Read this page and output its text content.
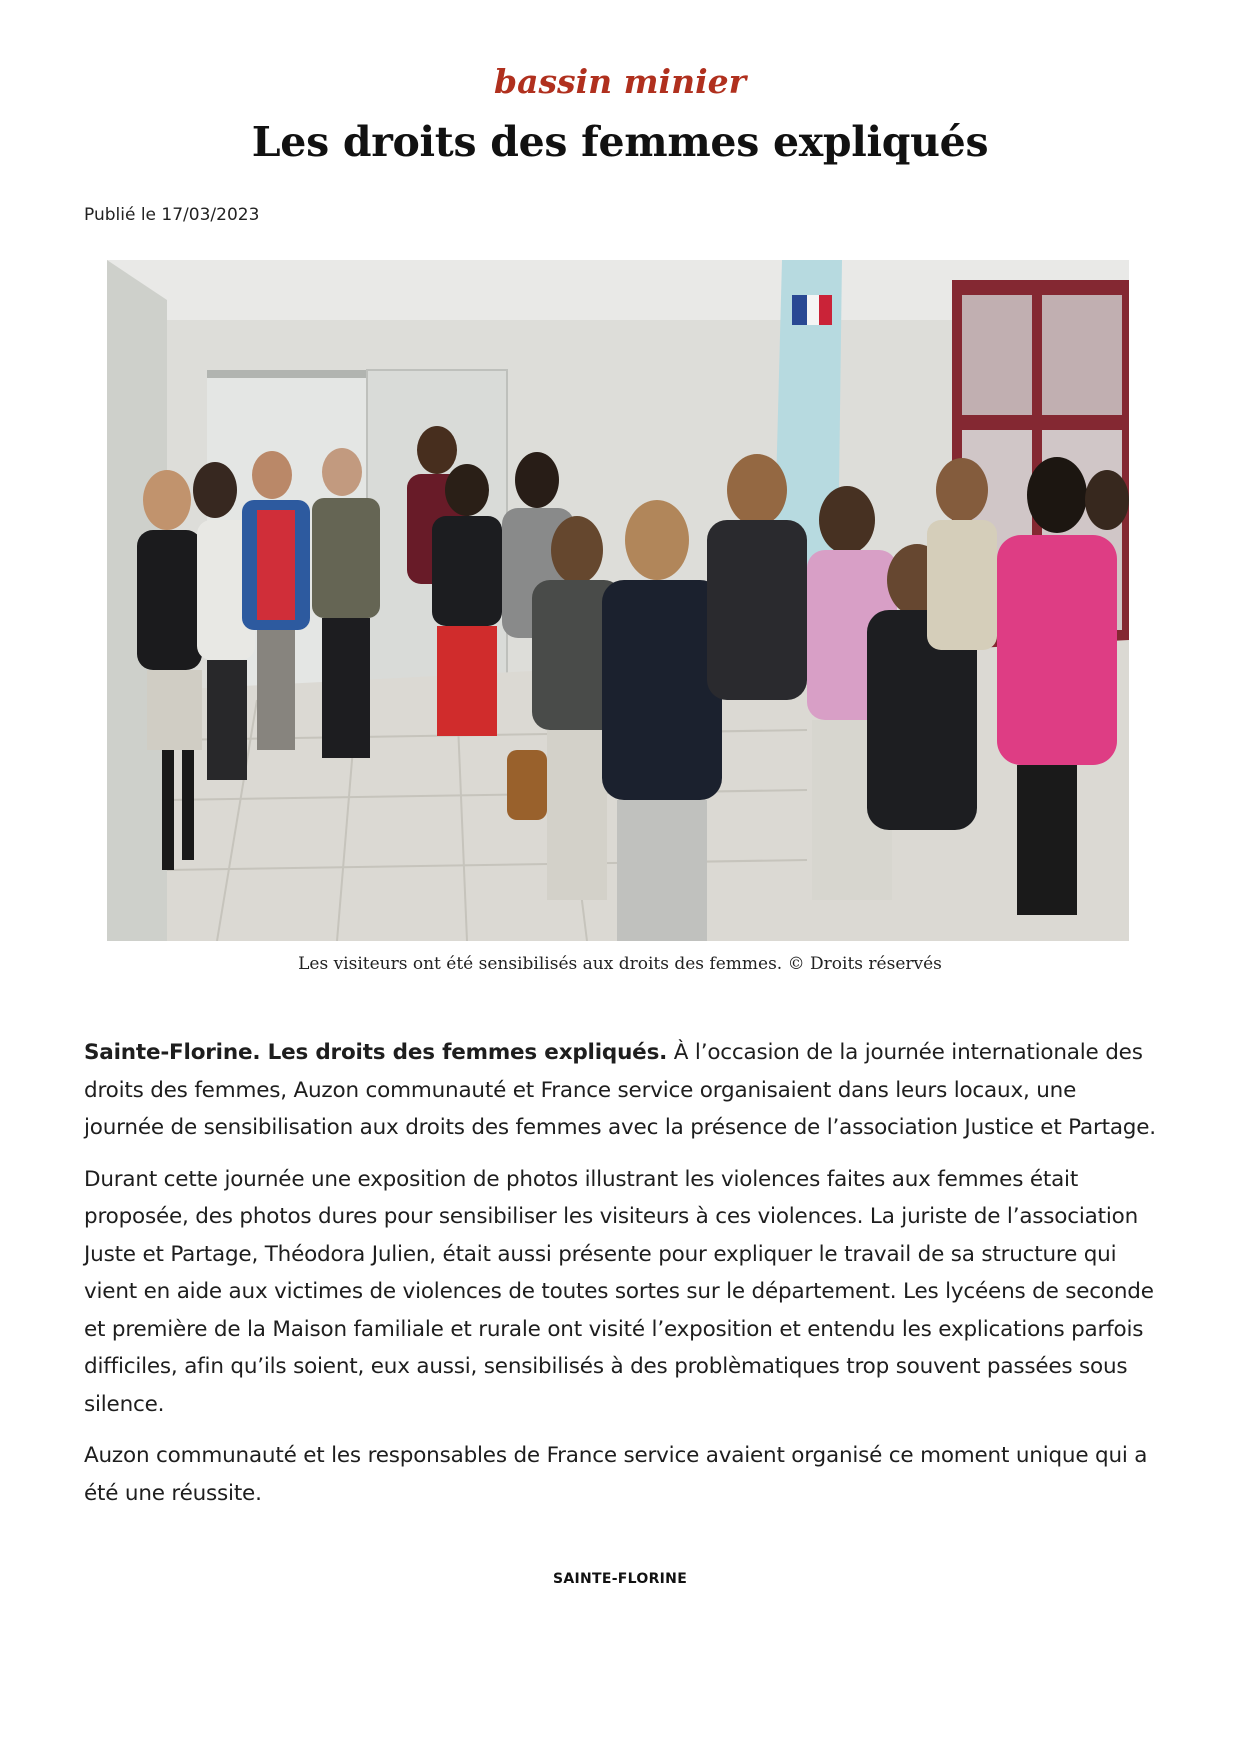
bassin minier
Les droits des femmes expliqués
Publié le 17/03/2023
Les visiteurs ont été sensibilisés aux droits des femmes. © Droits réservés

Sainte-Florine. Les droits des femmes expliqués. À l’occasion de la journée internationale des droits des femmes, Auzon communauté et France service organisaient dans leurs locaux, une journée de sensibilisation aux droits des femmes avec la présence de l’association Justice et Partage.

Durant cette journée une exposition de photos illustrant les violences faites aux femmes était proposée, des photos dures pour sensibiliser les visiteurs à ces violences. La juriste de l’association Juste et Partage, Théodora Julien, était aussi présente pour expliquer le travail de sa structure qui vient en aide aux victimes de violences de toutes sortes sur le département. Les lycéens de seconde et première de la Maison familiale et rurale ont visité l’exposition et entendu les explications parfois difficiles, afin qu’ils soient, eux aussi, sensibilisés à des problèmatiques trop souvent passées sous silence.

Auzon communauté et les responsables de France service avaient organisé ce moment unique qui a été une réussite.

SAINTE-FLORINE
